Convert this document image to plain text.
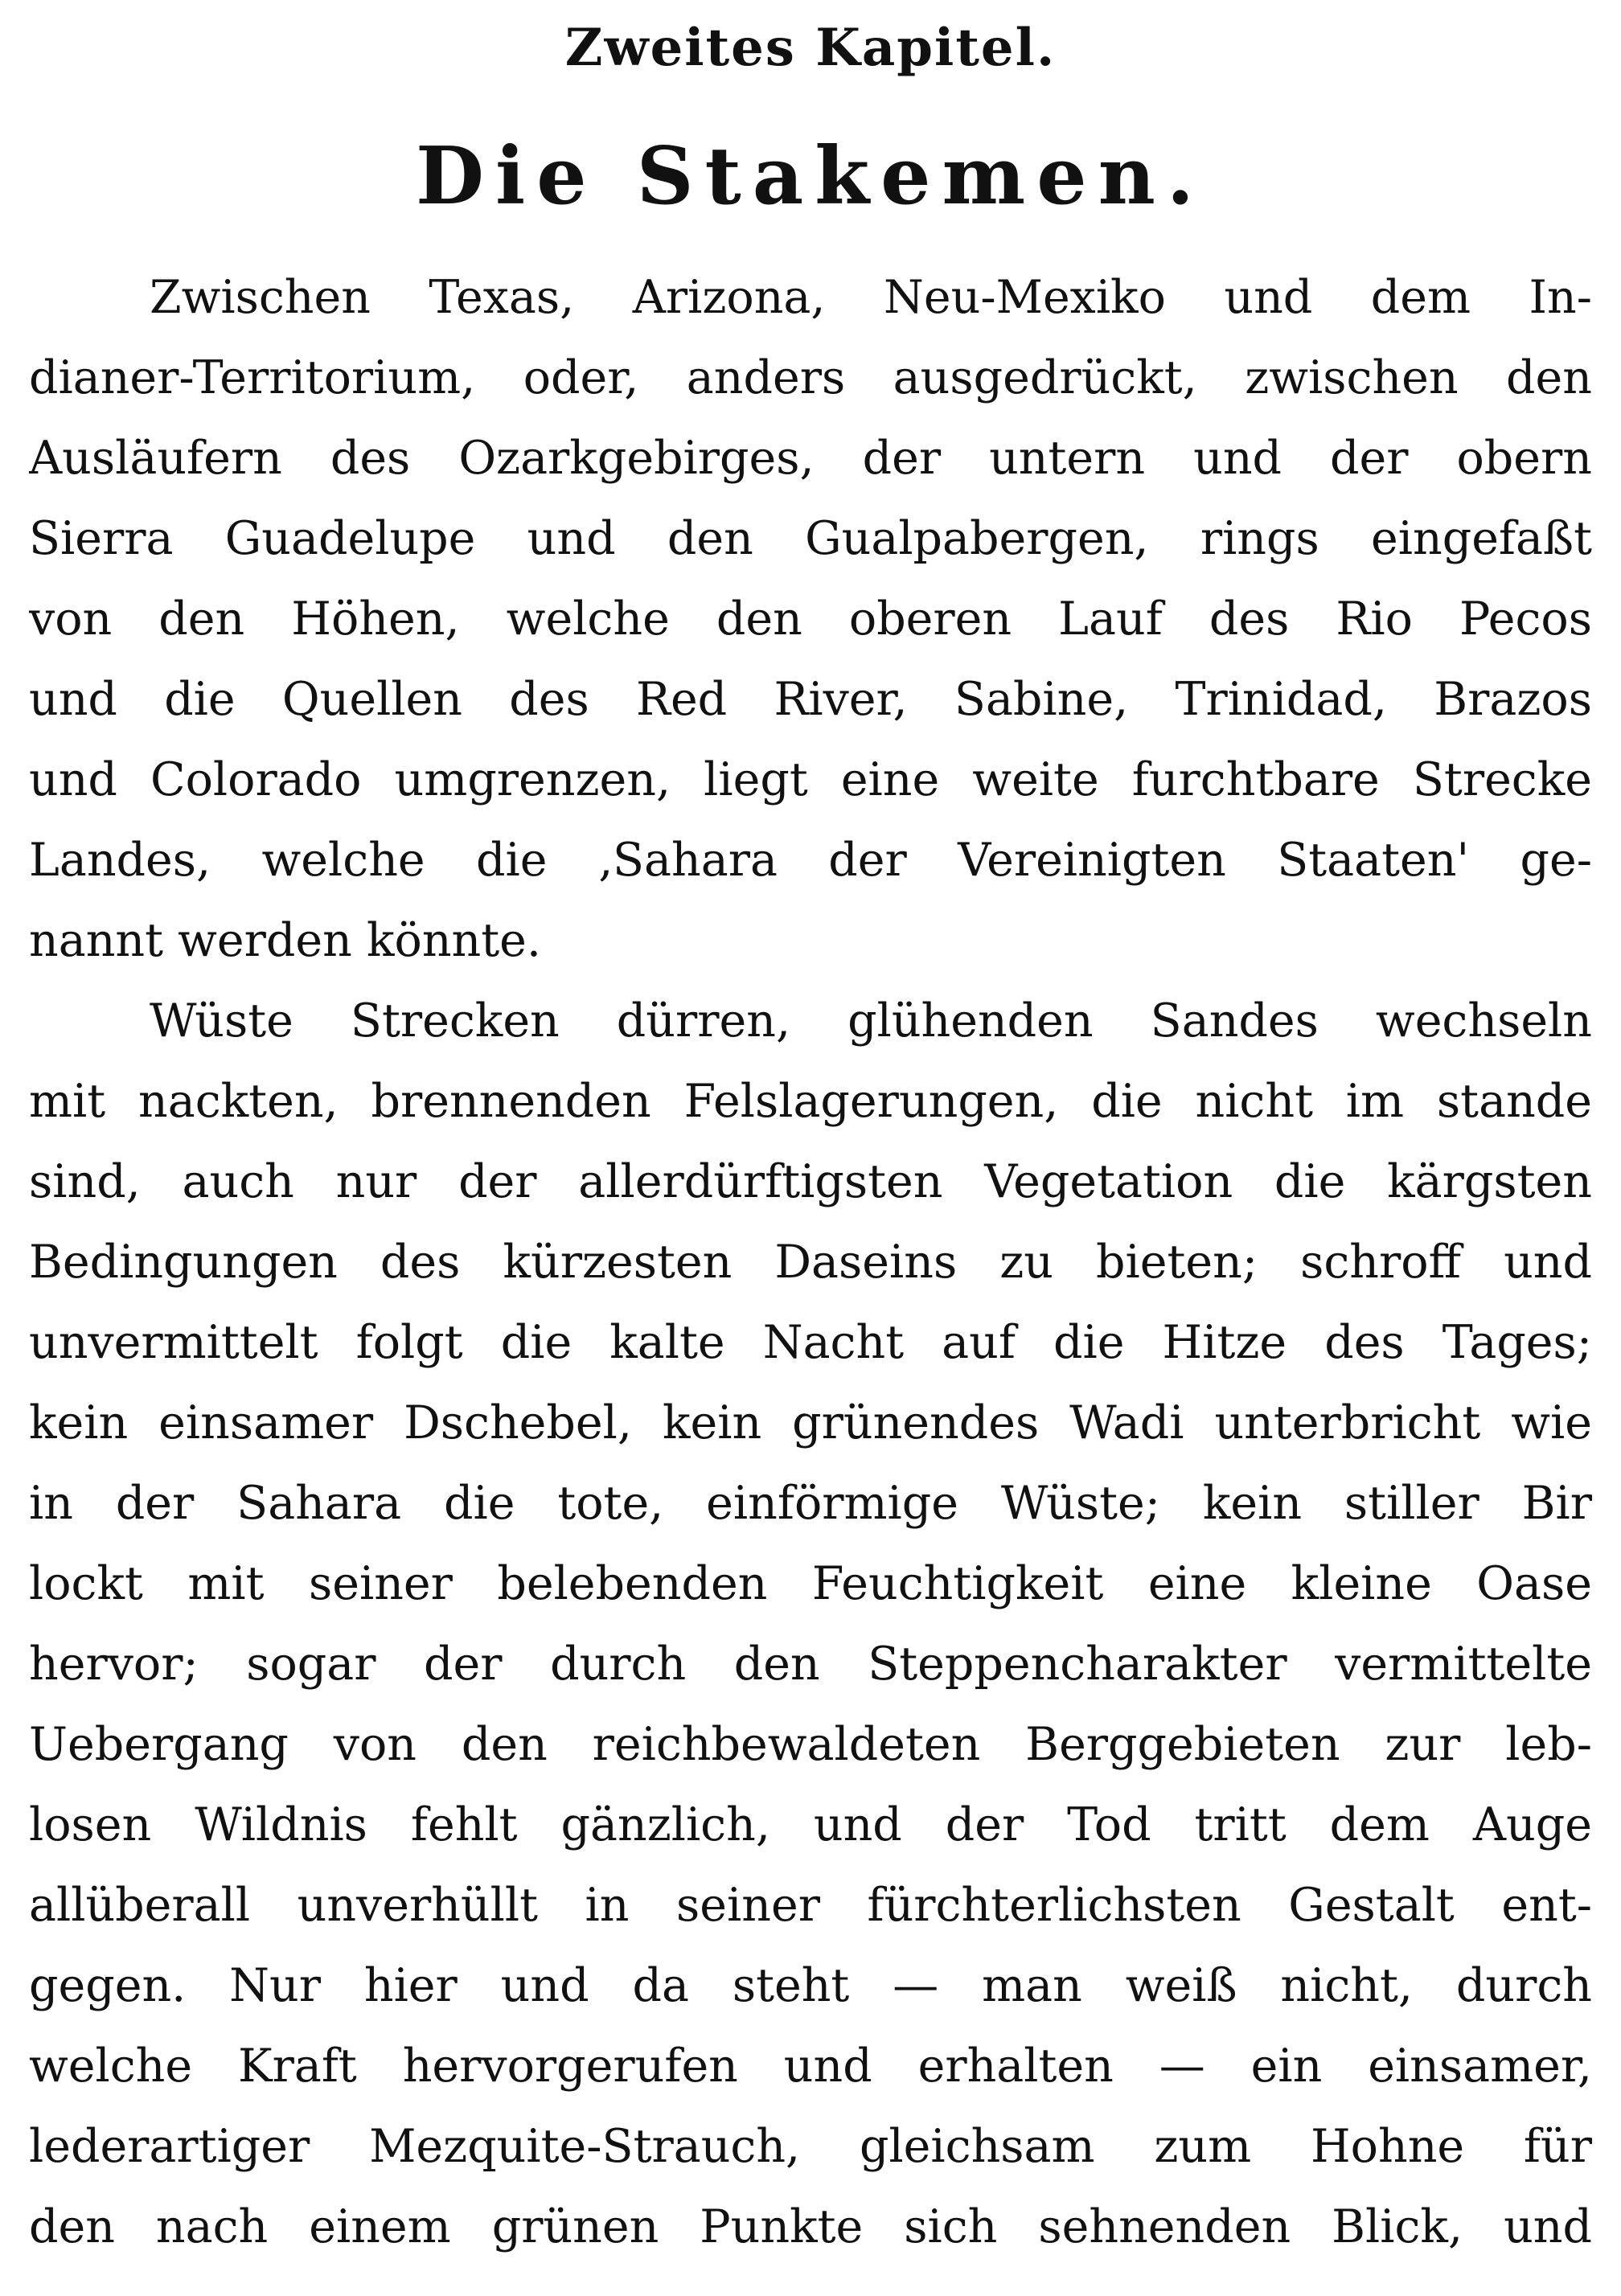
Zweites Kapitel.
Die Stakemen.
Zwischen Texas, Arizona, Neu-Mexiko und dem In-
dianer-Territorium, oder, anders ausgedrückt, zwischen den
Ausläufern des Ozarkgebirges, der untern und der obern
Sierra Guadelupe und den Gualpabergen, rings eingefaßt
von den Höhen, welche den oberen Lauf des Rio Pecos
und die Quellen des Red River, Sabine, Trinidad, Brazos
und Colorado umgrenzen, liegt eine weite furchtbare Strecke
Landes, welche die ‚Sahara der Vereinigten Staaten' ge-
nannt werden könnte.
Wüste Strecken dürren, glühenden Sandes wechseln
mit nackten, brennenden Felslagerungen, die nicht im stande
sind, auch nur der allerdürftigsten Vegetation die kärgsten
Bedingungen des kürzesten Daseins zu bieten; schroff und
unvermittelt folgt die kalte Nacht auf die Hitze des Tages;
kein einsamer Dschebel, kein grünendes Wadi unterbricht wie
in der Sahara die tote, einförmige Wüste; kein stiller Bir
lockt mit seiner belebenden Feuchtigkeit eine kleine Oase
hervor; sogar der durch den Steppencharakter vermittelte
Uebergang von den reichbewaldeten Berggebieten zur leb-
losen Wildnis fehlt gänzlich, und der Tod tritt dem Auge
allüberall unverhüllt in seiner fürchterlichsten Gestalt ent-
gegen. Nur hier und da steht — man weiß nicht, durch
welche Kraft hervorgerufen und erhalten — ein einsamer,
lederartiger Mezquite-Strauch, gleichsam zum Hohne für
den nach einem grünen Punkte sich sehnenden Blick, und
